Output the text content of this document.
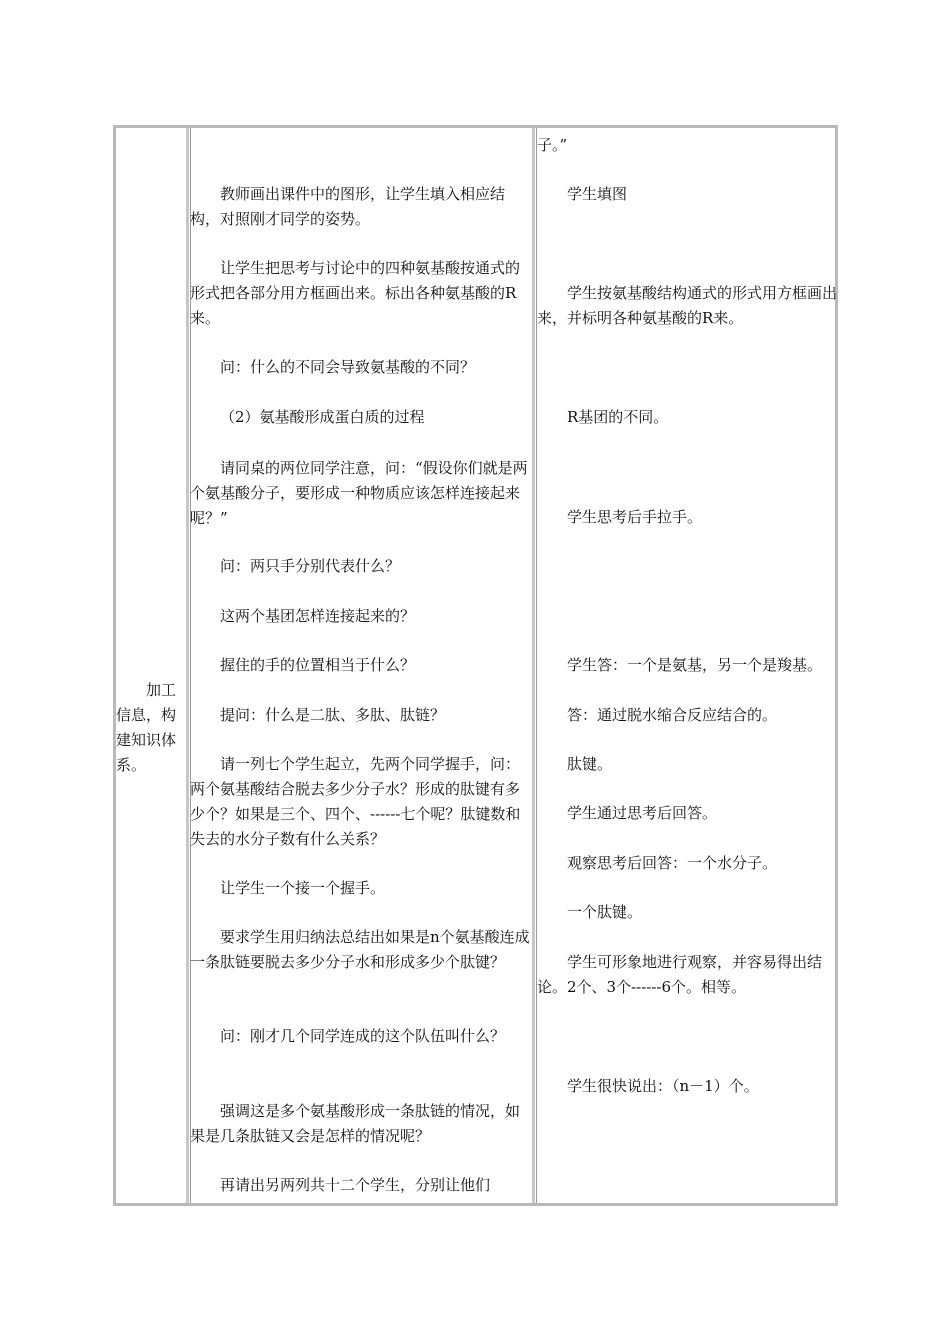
加工信息，构建知识体系。
教师画出课件中的图形，让学生填入相应结构，对照刚才同学的姿势。
让学生把思考与讨论中的四种氨基酸按通式的形式把各部分用方框画出来。标出各种氨基酸的R来。
问：什么的不同会导致氨基酸的不同？
（2）氨基酸形成蛋白质的过程
请同桌的两位同学注意，问：“假设你们就是两个氨基酸分子，要形成一种物质应该怎样连接起来呢？”
问：两只手分别代表什么？
这两个基团怎样连接起来的？
握住的手的位置相当于什么？
提问：什么是二肽、多肽、肽链？
请一列七个学生起立，先两个同学握手，问：两个氨基酸结合脱去多少分子水？形成的肽键有多少个？如果是三个、四个、------七个呢？肽键数和失去的水分子数有什么关系？
让学生一个接一个握手。
要求学生用归纳法总结出如果是n个氨基酸连成一条肽链要脱去多少分子水和形成多少个肽键？
问：刚才几个同学连成的这个队伍叫什么？
强调这是多个氨基酸形成一条肽链的情况，如果是几条肽链又会是怎样的情况呢？
再请出另两列共十二个学生，分别让他们
子。”
学生填图
学生按氨基酸结构通式的形式用方框画出来，并标明各种氨基酸的R来。
R基团的不同。
学生思考后手拉手。
学生答：一个是氨基，另一个是羧基。
答：通过脱水缩合反应结合的。
肽键。
学生通过思考后回答。
观察思考后回答：一个水分子。
一个肽键。
学生可形象地进行观察，并容易得出结论。2个、3个------6个。相等。
学生很快说出：（n－1）个。
